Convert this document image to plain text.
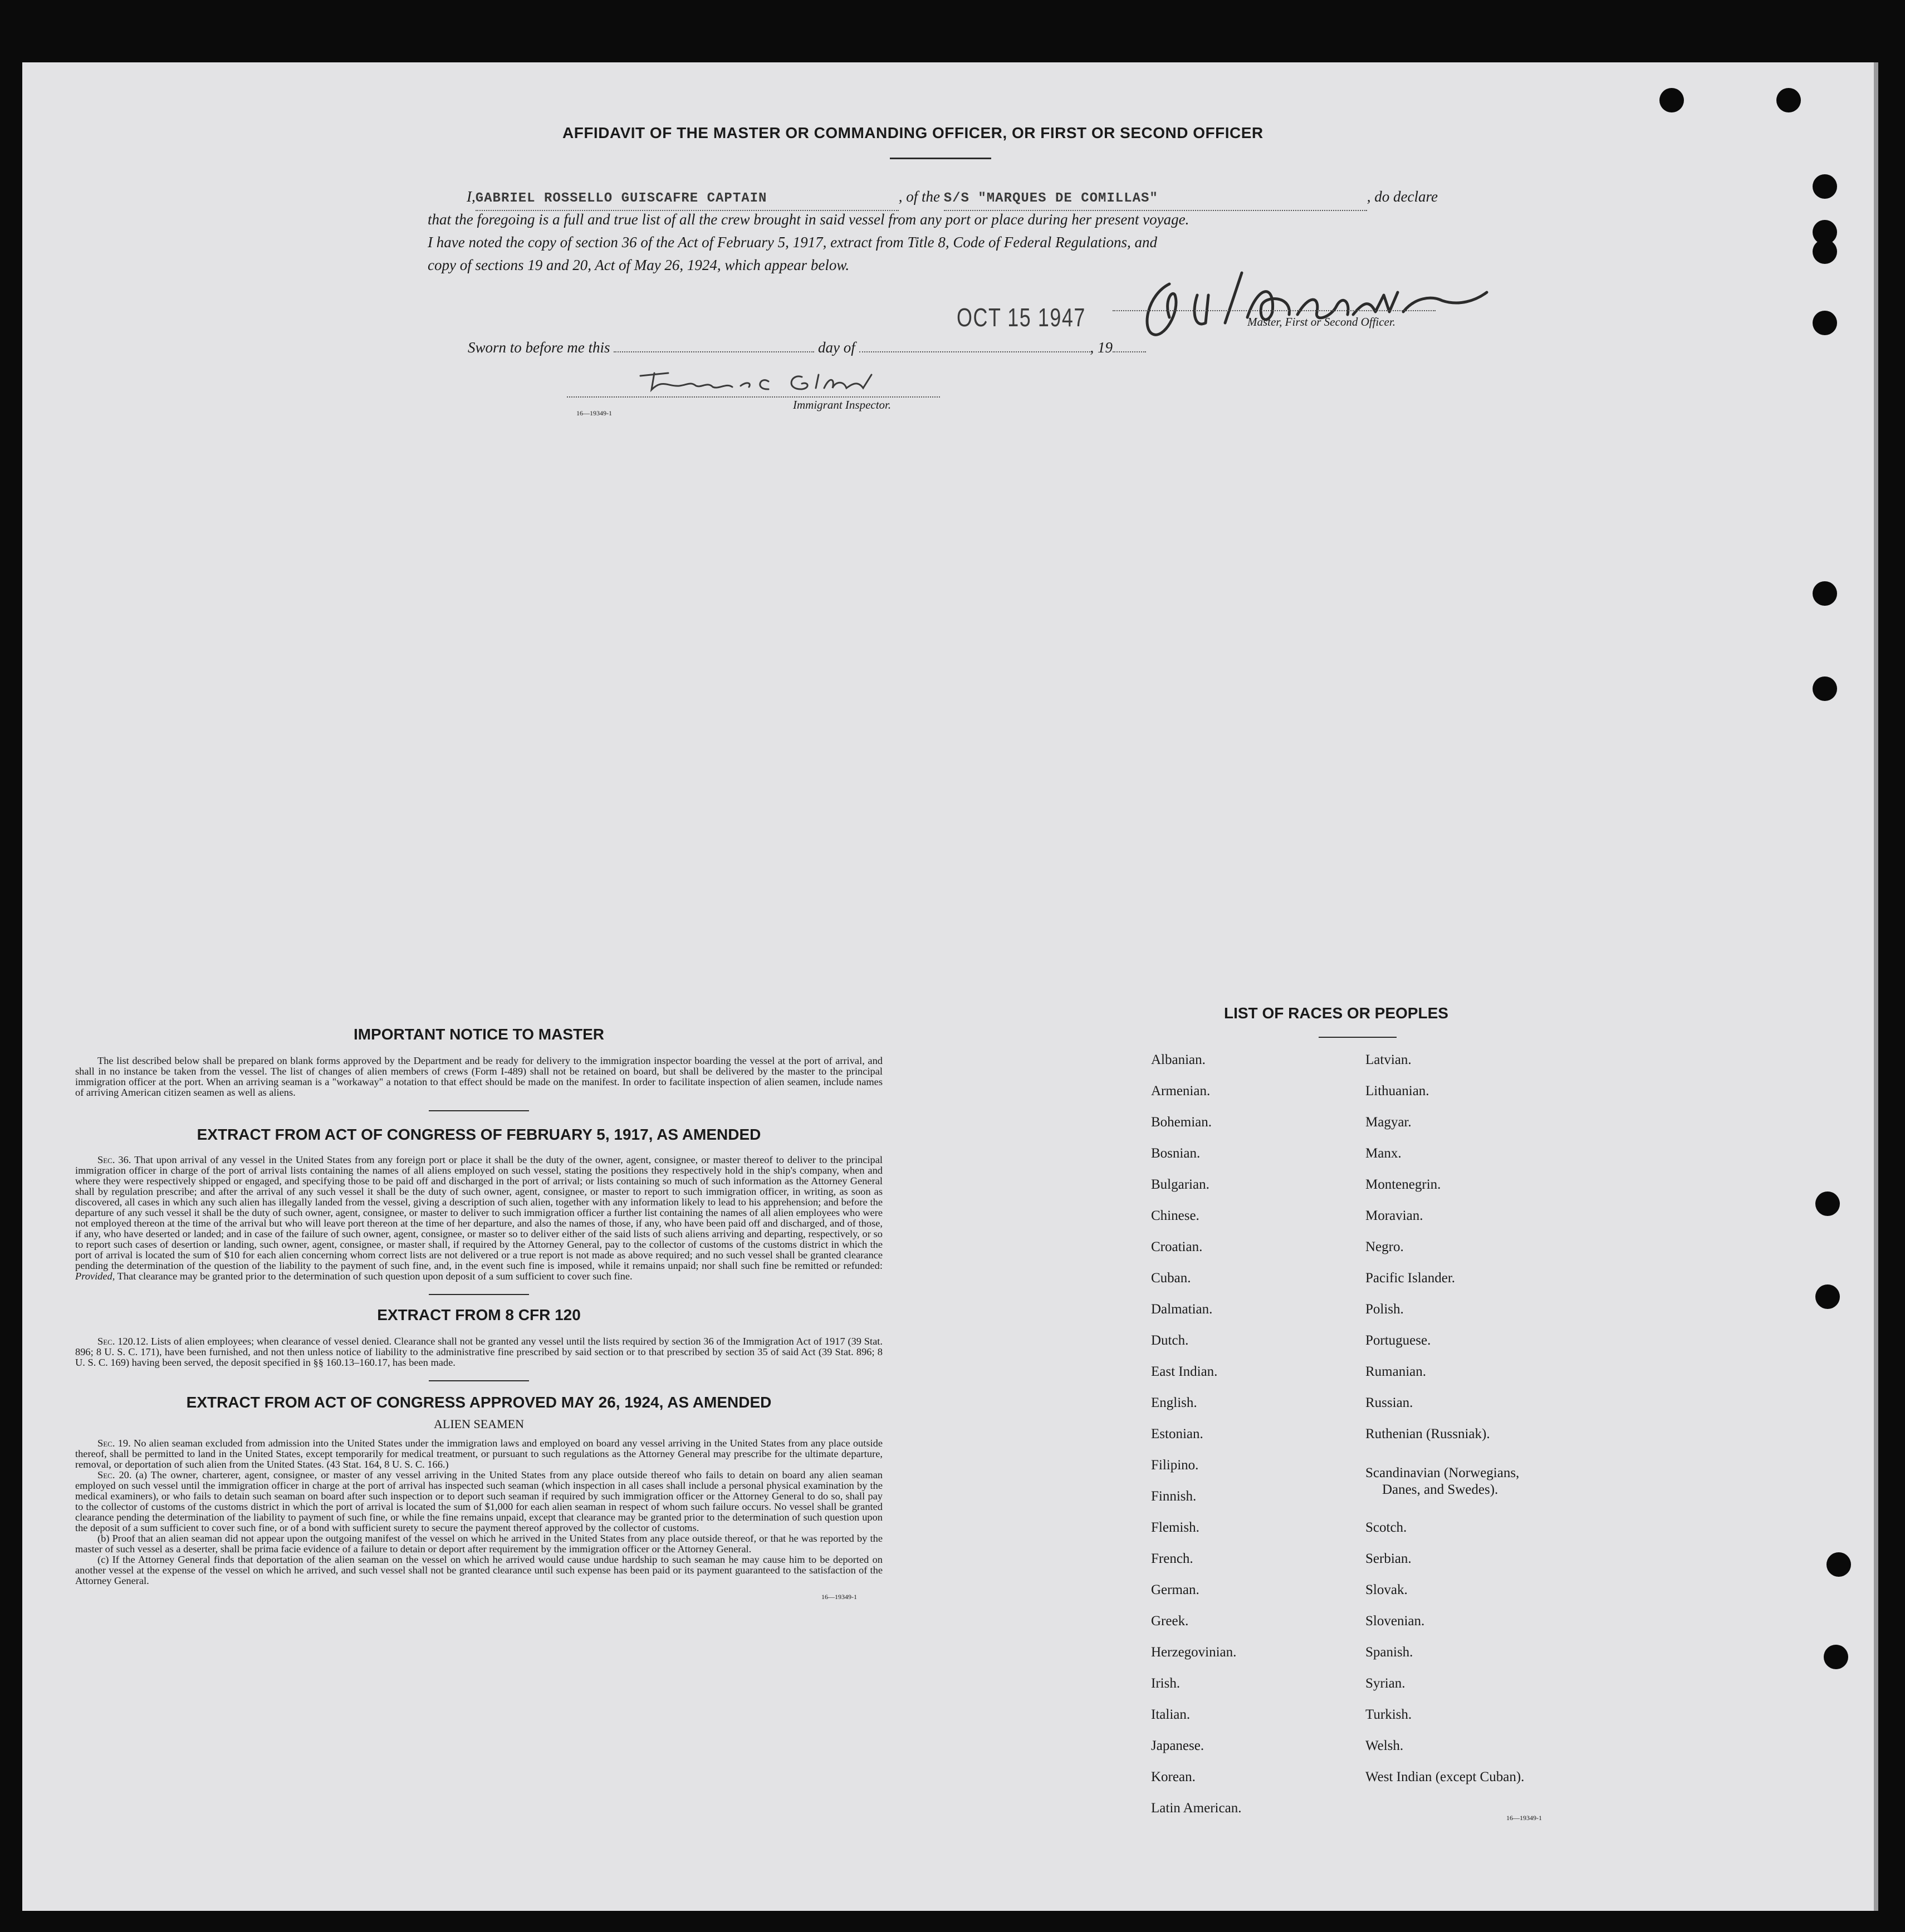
AFFIDAVIT OF THE MASTER OR COMMANDING OFFICER, OR FIRST OR SECOND OFFICER
I,GABRIEL ROSSELLO GUISCAFRE CAPTAIN	, of the S/S "MARQUES DE COMILLAS"	, do declare
that the foregoing is a full and true list of all the crew brought in said vessel from any port or place during her present voyage.
I have noted the copy of section 36 of the Act of February 5, 1917, extract from Title 8, Code of Federal Regulations, and
copy of sections 19 and 20, Act of May 26, 1924, which appear below.
OCT 15 1947	Master, First or Second Officer.
Sworn to before me this	day of	, 19
Immigrant Inspector.
16—19349-1
IMPORTANT NOTICE TO MASTER

The list described below shall be prepared on blank forms approved by the Department and be ready for delivery to the immigration inspector boarding the vessel at the port of arrival, and shall in no instance be taken from the vessel. The list of changes of alien members of crews (Form I-489) shall not be retained on board, but shall be delivered by the master to the principal immigration officer at the port. When an arriving seaman is a "workaway" a notation to that effect should be made on the manifest. In order to facilitate inspection of alien seamen, include names of arriving American citizen seamen as well as aliens.

EXTRACT FROM ACT OF CONGRESS OF FEBRUARY 5, 1917, AS AMENDED

Sec. 36. That upon arrival of any vessel in the United States from any foreign port or place it shall be the duty of the owner, agent, consignee, or master thereof to deliver to the principal immigration officer in charge of the port of arrival lists containing the names of all aliens employed on such vessel, stating the positions they respectively hold in the ship's company, when and where they were respectively shipped or engaged, and specifying those to be paid off and discharged in the port of arrival; or lists containing so much of such information as the Attorney General shall by regulation prescribe; and after the arrival of any such vessel it shall be the duty of such owner, agent, consignee, or master to report to such immigration officer, in writing, as soon as discovered, all cases in which any such alien has illegally landed from the vessel, giving a description of such alien, together with any information likely to lead to his apprehension; and before the departure of any such vessel it shall be the duty of such owner, agent, consignee, or master to deliver to such immigration officer a further list containing the names of all alien employees who were not employed thereon at the time of the arrival but who will leave port thereon at the time of her departure, and also the names of those, if any, who have been paid off and discharged, and of those, if any, who have deserted or landed; and in case of the failure of such owner, agent, consignee, or master so to deliver either of the said lists of such aliens arriving and departing, respectively, or so to report such cases of desertion or landing, such owner, agent, consignee, or master shall, if required by the Attorney General, pay to the collector of customs of the customs district in which the port of arrival is located the sum of $10 for each alien concerning whom correct lists are not delivered or a true report is not made as above required; and no such vessel shall be granted clearance pending the determination of the question of the liability to the payment of such fine, and, in the event such fine is imposed, while it remains unpaid; nor shall such fine be remitted or refunded: Provided, That clearance may be granted prior to the determination of such question upon deposit of a sum sufficient to cover such fine.

EXTRACT FROM 8 CFR 120

Sec. 120.12. Lists of alien employees; when clearance of vessel denied. Clearance shall not be granted any vessel until the lists required by section 36 of the Immigration Act of 1917 (39 Stat. 896; 8 U. S. C. 171), have been furnished, and not then unless notice of liability to the administrative fine prescribed by said section or to that prescribed by section 35 of said Act (39 Stat. 896; 8 U. S. C. 169) having been served, the deposit specified in §§ 160.13–160.17, has been made.

EXTRACT FROM ACT OF CONGRESS APPROVED MAY 26, 1924, AS AMENDED
ALIEN SEAMEN

Sec. 19. No alien seaman excluded from admission into the United States under the immigration laws and employed on board any vessel arriving in the United States from any place outside thereof, shall be permitted to land in the United States, except temporarily for medical treatment, or pursuant to such regulations as the Attorney General may prescribe for the ultimate departure, removal, or deportation of such alien from the United States. (43 Stat. 164, 8 U. S. C. 166.)

Sec. 20. (a) The owner, charterer, agent, consignee, or master of any vessel arriving in the United States from any place outside thereof who fails to detain on board any alien seaman employed on such vessel until the immigration officer in charge at the port of arrival has inspected such seaman (which inspection in all cases shall include a personal physical examination by the medical examiners), or who fails to detain such seaman on board after such inspection or to deport such seaman if required by such immigration officer or the Attorney General to do so, shall pay to the collector of customs of the customs district in which the port of arrival is located the sum of $1,000 for each alien seaman in respect of whom such failure occurs. No vessel shall be granted clearance pending the determination of the liability to payment of such fine, or while the fine remains unpaid, except that clearance may be granted prior to the determination of such question upon the deposit of a sum sufficient to cover such fine, or of a bond with sufficient surety to secure the payment thereof approved by the collector of customs.

(b) Proof that an alien seaman did not appear upon the outgoing manifest of the vessel on which he arrived in the United States from any place outside thereof, or that he was reported by the master of such vessel as a deserter, shall be prima facie evidence of a failure to detain or deport after requirement by the immigration officer or the Attorney General.

(c) If the Attorney General finds that deportation of the alien seaman on the vessel on which he arrived would cause undue hardship to such seaman he may cause him to be deported on another vessel at the expense of the vessel on which he arrived, and such vessel shall not be granted clearance until such expense has been paid or its payment guaranteed to the satisfaction of the Attorney General.

16—19349-1
LIST OF RACES OR PEOPLES
Albanian.
Armenian.
Bohemian.
Bosnian.
Bulgarian.
Chinese.
Croatian.
Cuban.
Dalmatian.
Dutch.
East Indian.
English.
Estonian.
Filipino.
Finnish.
Flemish.
French.
German.
Greek.
Herzegovinian.
Irish.
Italian.
Japanese.
Korean.
Latin American.
Latvian.
Lithuanian.
Magyar.
Manx.
Montenegrin.
Moravian.
Negro.
Pacific Islander.
Polish.
Portuguese.
Rumanian.
Russian.
Ruthenian (Russniak).
Scandinavian (Norwegians,
Danes, and Swedes).
Scotch.
Serbian.
Slovak.
Slovenian.
Spanish.
Syrian.
Turkish.
Welsh.
West Indian (except Cuban).
16—19349-1
